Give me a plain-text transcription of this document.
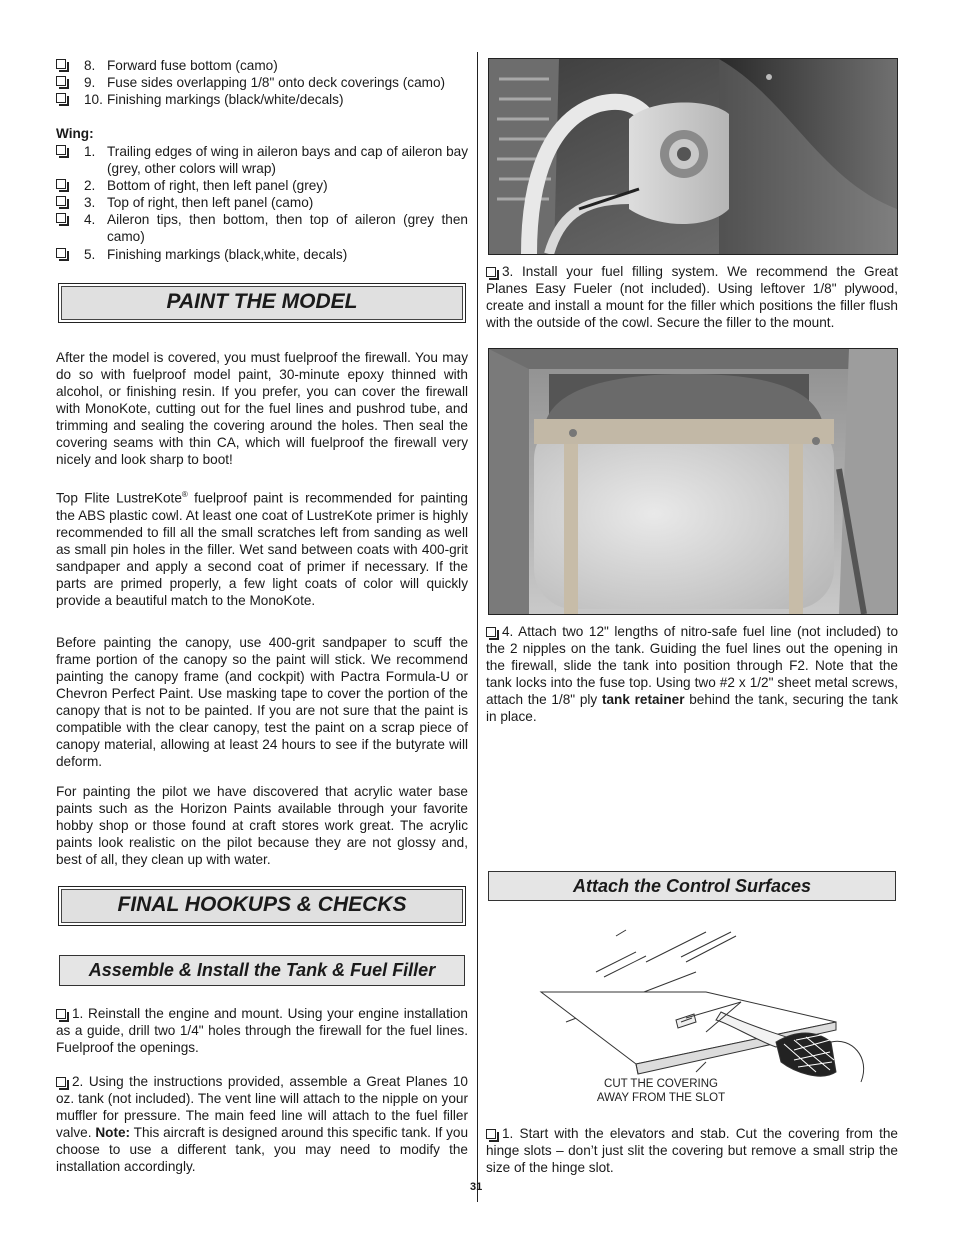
8. Forward fuse bottom (camo)
9. Fuse sides overlapping 1/8" onto deck coverings (camo)
10. Finishing markings (black/white/decals)
Wing:
1. Trailing edges of wing in aileron bays and cap of aileron bay (grey, other colors will wrap)
2. Bottom of right, then left panel (grey)
3. Top of right, then left panel (camo)
4. Aileron tips, then bottom, then top of aileron (grey then camo)
5. Finishing markings (black,white, decals)
PAINT THE MODEL
After the model is covered, you must fuelproof the firewall. You may do so with fuelproof model paint, 30-minute epoxy thinned with alcohol, or finishing resin. If you prefer, you can cover the firewall with MonoKote, cutting out for the fuel lines and pushrod tube, and trimming and sealing the covering around the holes. Then seal the covering seams with thin CA, which will fuelproof the firewall very nicely and look sharp to boot!
Top Flite LustreKote® fuelproof paint is recommended for painting the ABS plastic cowl. At least one coat of LustreKote primer is highly recommended to fill all the small scratches left from sanding as well as small pin holes in the filler. Wet sand between coats with 400-grit sandpaper and apply a second coat of primer if necessary. If the parts are primed properly, a few light coats of color will quickly provide a beautiful match to the MonoKote.
Before painting the canopy, use 400-grit sandpaper to scuff the frame portion of the canopy so the paint will stick. We recommend painting the canopy frame (and cockpit) with Pactra Formula-U or Chevron Perfect Paint. Use masking tape to cover the portion of the canopy that is not to be painted. If you are not sure that the paint is compatible with the clear canopy, test the paint on a scrap piece of canopy material, allowing at least 24 hours to see if the butyrate will deform.
For painting the pilot we have discovered that acrylic water base paints such as the Horizon Paints available through your favorite hobby shop or those found at craft stores work great. The acrylic paints look realistic on the pilot because they are not glossy and, best of all, they clean up with water.
FINAL HOOKUPS & CHECKS
Assemble & Install the Tank & Fuel Filler
1. Reinstall the engine and mount. Using your engine installation as a guide, drill two 1/4" holes through the firewall for the fuel lines. Fuelproof the openings.
2. Using the instructions provided, assemble a Great Planes 10 oz. tank (not included). The vent line will attach to the nipple on your muffler for pressure. The main feed line will attach to the fuel filler valve. Note: This aircraft is designed around this specific tank. If you choose to use a different tank, you may need to modify the installation accordingly.
3. Install your fuel filling system. We recommend the Great Planes Easy Fueler (not included). Using leftover 1/8" plywood, create and install a mount for the filler which positions the filler flush with the outside of the cowl. Secure the filler to the mount.
4. Attach two 12" lengths of nitro-safe fuel line (not included) to the 2 nipples on the tank. Guiding the fuel lines out the opening in the firewall, slide the tank into position through F2. Note that the tank locks into the fuse top. Using two #2 x 1/2" sheet metal screws, attach the 1/8" ply tank retainer behind the tank, securing the tank in place.
Attach the Control Surfaces
CUT THE COVERING
AWAY FROM THE SLOT
1. Start with the elevators and stab. Cut the covering from the hinge slots – don’t just slit the covering but remove a small strip the size of the hinge slot.
31
